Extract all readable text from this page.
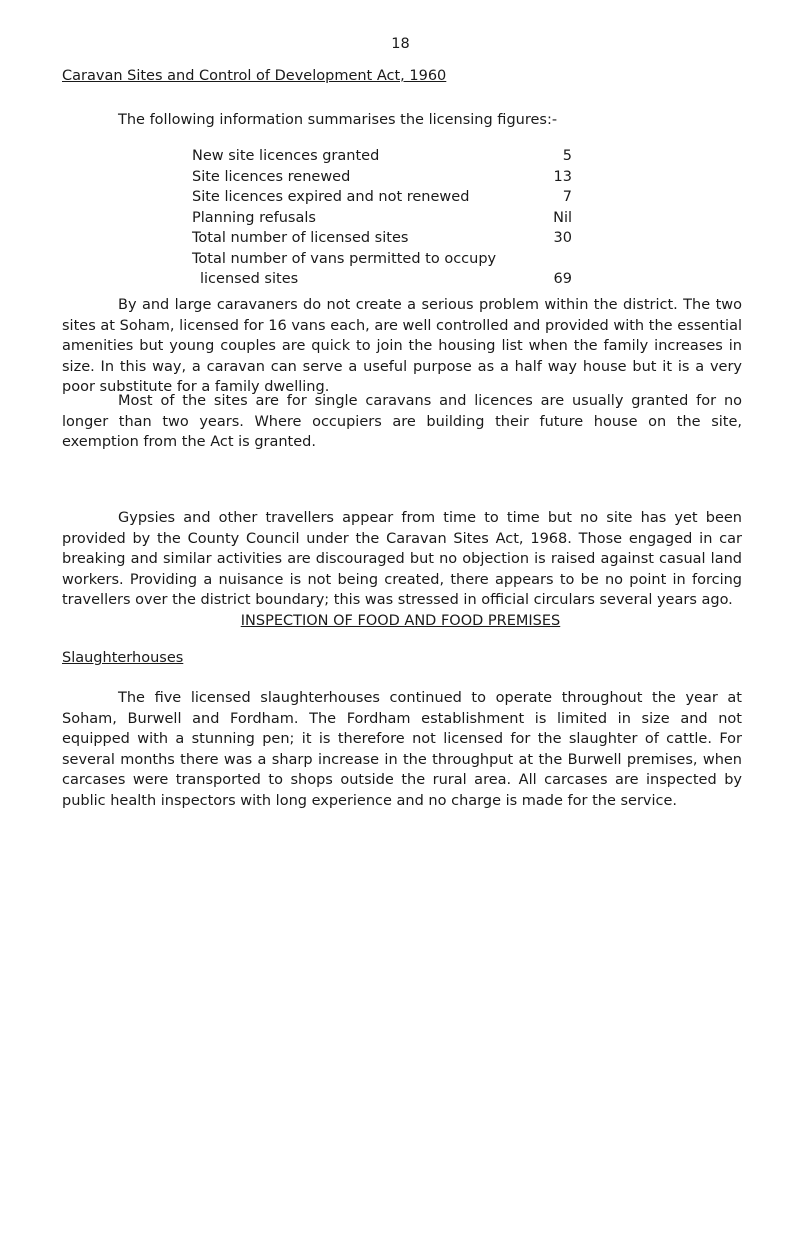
18
Caravan Sites and Control of Development Act, 1960
The following information summarises the licensing figures:-
New site licences granted	5
Site licences renewed	13
Site licences expired and not renewed	7
Planning refusals	Nil
Total number of licensed sites	30
Total number of vans permitted to occupy
licensed sites	69

By and large caravaners do not create a serious problem within the district. The two sites at Soham, licensed for 16 vans each, are well controlled and provided with the essential amenities but young couples are quick to join the housing list when the family increases in size. In this way, a caravan can serve a useful purpose as a half way house but it is a very poor substitute for a family dwelling.

Most of the sites are for single caravans and licences are usually granted for no longer than two years. Where occupiers are building their future house on the site, exemption from the Act is granted.

Gypsies and other travellers appear from time to time but no site has yet been provided by the County Council under the Caravan Sites Act, 1968. Those engaged in car breaking and similar activities are discouraged but no objection is raised against casual land workers. Providing a nuisance is not being created, there appears to be no point in forcing travellers over the district boundary; this was stressed in official circulars several years ago.

INSPECTION OF FOOD AND FOOD PREMISES
Slaughterhouses

The five licensed slaughterhouses continued to operate throughout the year at Soham, Burwell and Fordham. The Fordham establishment is limited in size and not equipped with a stunning pen; it is therefore not licensed for the slaughter of cattle. For several months there was a sharp increase in the throughput at the Burwell premises, when carcases were transported to shops outside the rural area. All carcases are inspected by public health inspectors with long experience and no charge is made for the service.
